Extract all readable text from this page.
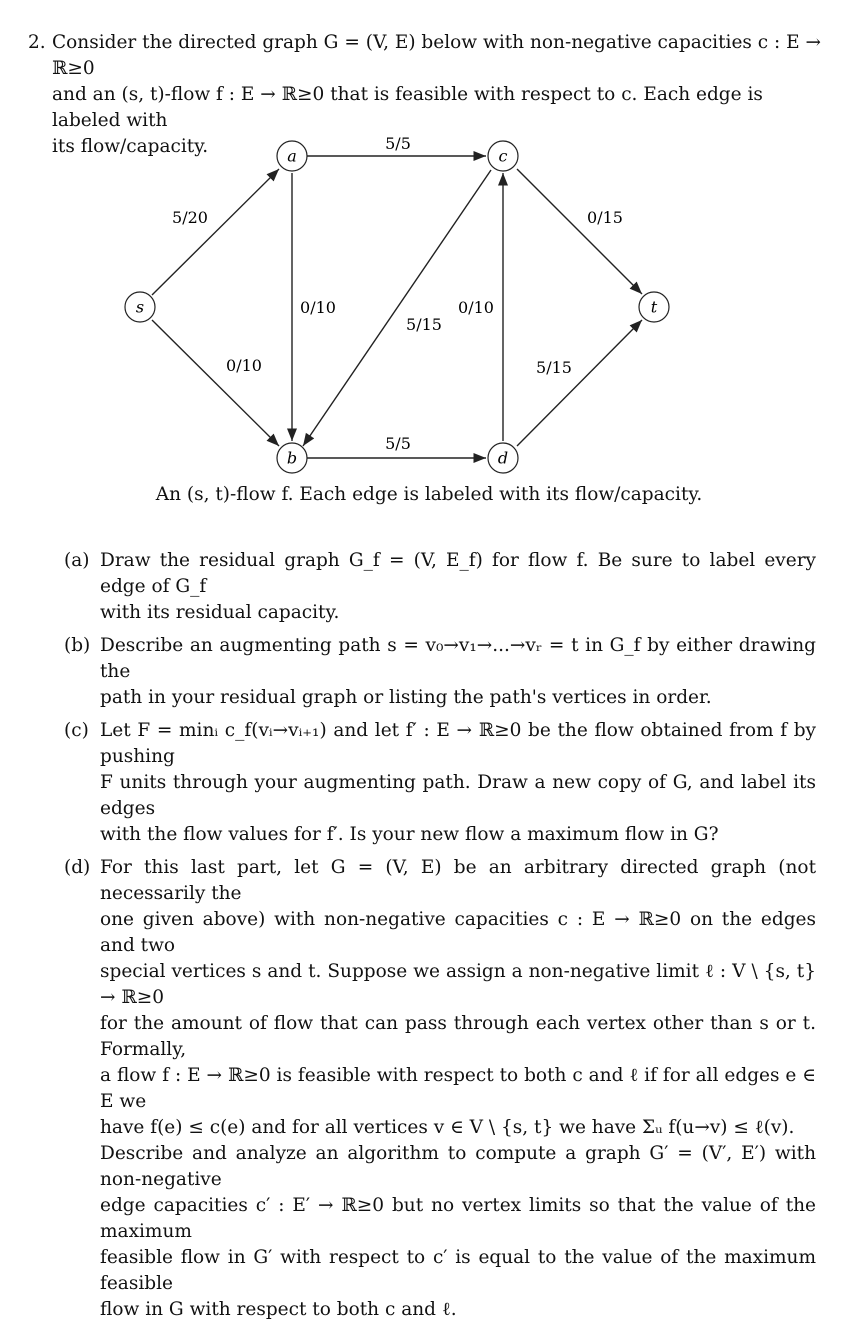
2. Consider the directed graph G = (V, E) below with non-negative capacities c : E → ℝ≥0

and an (s, t)-flow f : E → ℝ≥0 that is feasible with respect to c. Each edge is labeled with

its flow/capacity.

s
a	c
t
b	d
5/20
0/10
5/5
0/10
5/15
0/10
5/5
0/15
5/15
An (s, t)-flow f. Each edge is labeled with its flow/capacity.
(a) Draw the residual graph G_f = (V, E_f) for flow f. Be sure to label every edge of G_f

with its residual capacity.

(b) Describe an augmenting path s = v₀→v₁→...→vᵣ = t in G_f by either drawing the

path in your residual graph or listing the path's vertices in order.

(c) Let F = minᵢ c_f(vᵢ→vᵢ₊₁) and let f′ : E → ℝ≥0 be the flow obtained from f by pushing

F units through your augmenting path. Draw a new copy of G, and label its edges

with the flow values for f′. Is your new flow a maximum flow in G?

(d) For this last part, let G = (V, E) be an arbitrary directed graph (not necessarily the

one given above) with non-negative capacities c : E → ℝ≥0 on the edges and two

special vertices s and t. Suppose we assign a non-negative limit ℓ : V \ {s, t} → ℝ≥0

for the amount of flow that can pass through each vertex other than s or t. Formally,

a flow f : E → ℝ≥0 is feasible with respect to both c and ℓ if for all edges e ∈ E we

have f(e) ≤ c(e) and for all vertices v ∈ V \ {s, t} we have Σᵤ f(u→v) ≤ ℓ(v).

Describe and analyze an algorithm to compute a graph G′ = (V′, E′) with non-negative

edge capacities c′ : E′ → ℝ≥0 but no vertex limits so that the value of the maximum

feasible flow in G′ with respect to c′ is equal to the value of the maximum feasible

flow in G with respect to both c and ℓ.
